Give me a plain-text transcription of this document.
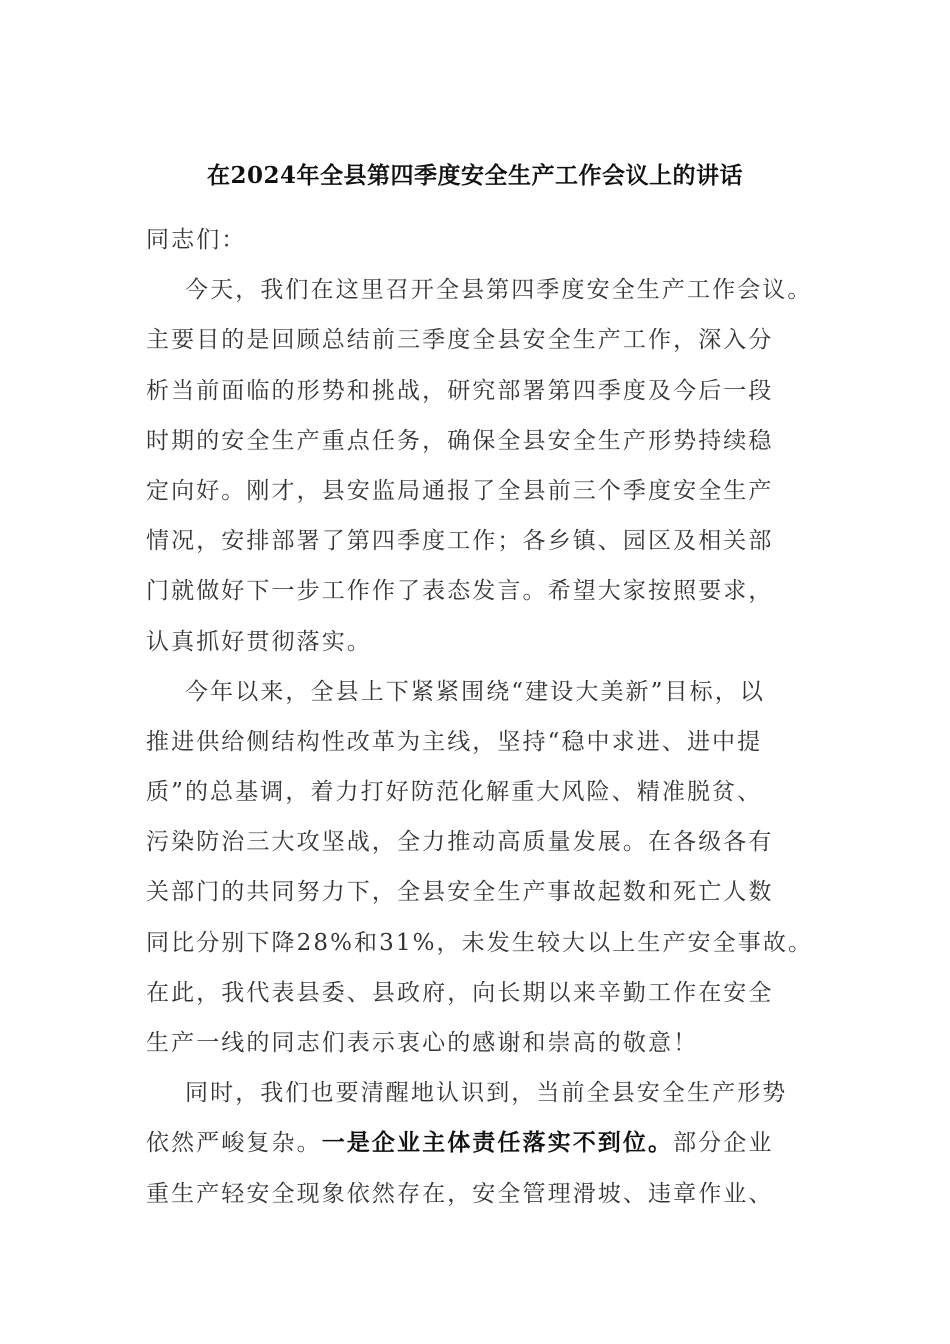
在2024年全县第四季度安全生产工作会议上的讲话
同志们：
今天，我们在这里召开全县第四季度安全生产工作会议。
主要目的是回顾总结前三季度全县安全生产工作，深入分
析当前面临的形势和挑战，研究部署第四季度及今后一段
时期的安全生产重点任务，确保全县安全生产形势持续稳
定向好。刚才，县安监局通报了全县前三个季度安全生产
情况，安排部署了第四季度工作；各乡镇、园区及相关部
门就做好下一步工作作了表态发言。希望大家按照要求，
认真抓好贯彻落实。
今年以来，全县上下紧紧围绕“建设大美新”目标，以
推进供给侧结构性改革为主线，坚持“稳中求进、进中提
质”的总基调，着力打好防范化解重大风险、精准脱贫、
污染防治三大攻坚战，全力推动高质量发展。在各级各有
关部门的共同努力下，全县安全生产事故起数和死亡人数
同比分别下降28%和31%，未发生较大以上生产安全事故。
在此，我代表县委、县政府，向长期以来辛勤工作在安全
生产一线的同志们表示衷心的感谢和崇高的敬意！
同时，我们也要清醒地认识到，当前全县安全生产形势
依然严峻复杂。一是企业主体责任落实不到位。部分企业
重生产轻安全现象依然存在，安全管理滑坡、违章作业、
